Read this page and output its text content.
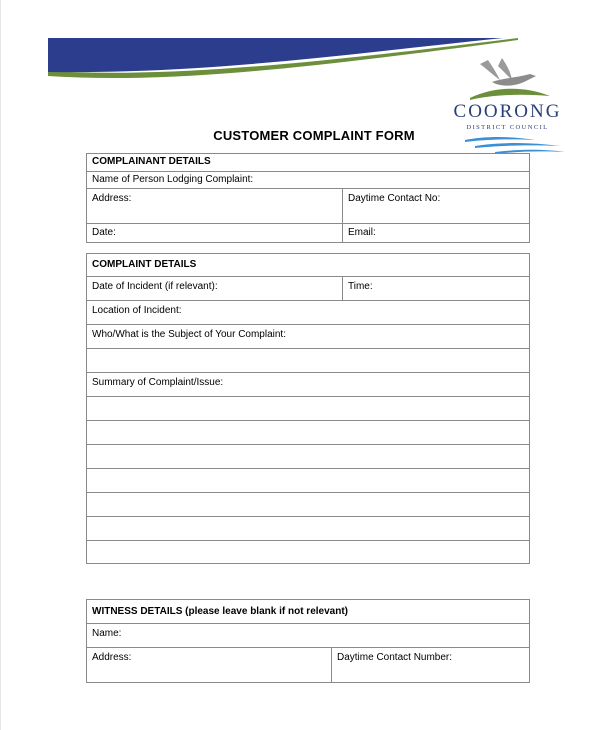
COORONG
DISTRICT COUNCIL
CUSTOMER COMPLAINT FORM
COMPLAINANT DETAILS
Name of Person Lodging Complaint:
Address:	Daytime Contact No:
Date:	Email:
COMPLAINT DETAILS
Date of Incident (if relevant):	Time:
Location of Incident:
Who/What is the Subject of Your Complaint:
Summary of Complaint/Issue:
WITNESS DETAILS (please leave blank if not relevant)
Name:
Address:	Daytime Contact Number:
